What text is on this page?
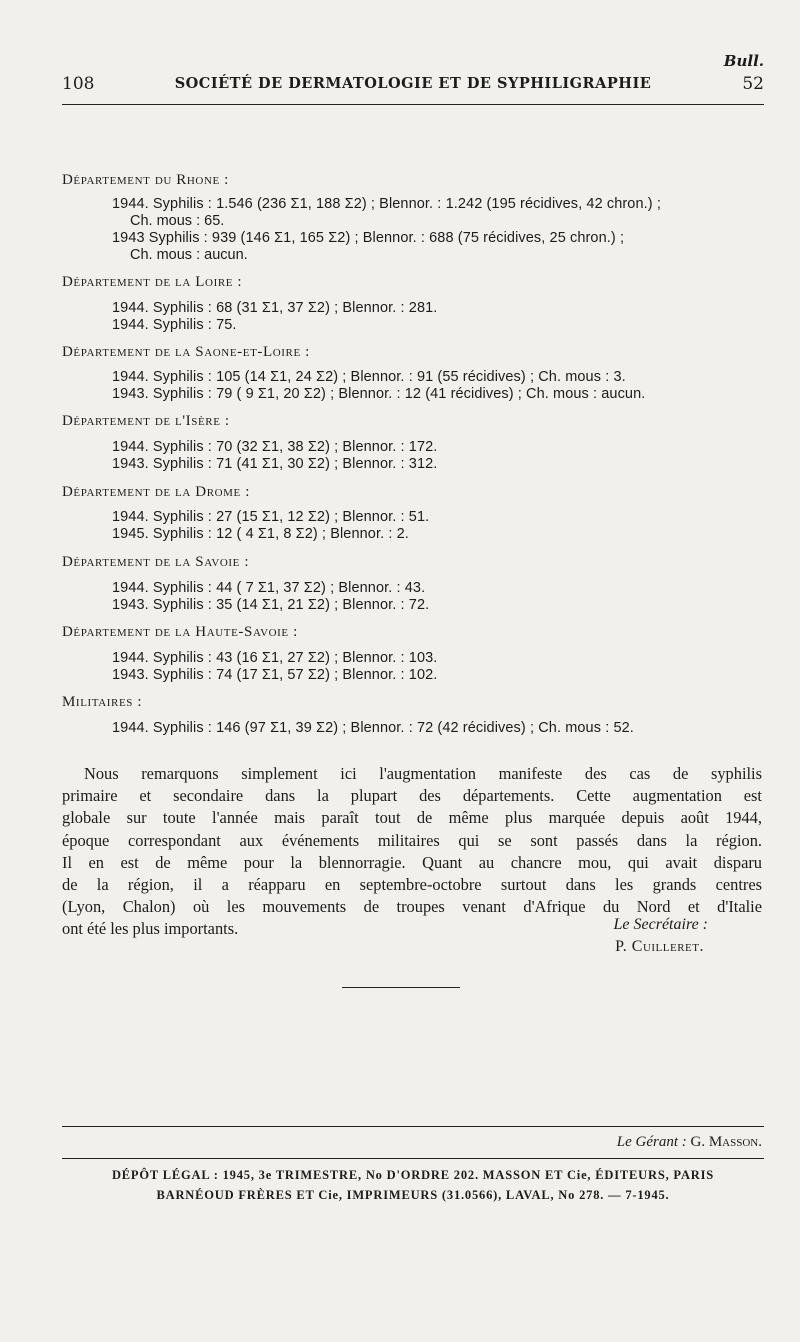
Bull.
108	SOCIÉTÉ DE DERMATOLOGIE ET DE SYPHILIGRAPHIE	52
Département du Rhone :
1944. Syphilis : 1.546 (236 Σ1, 188 Σ2) ; Blennor. : 1.242 (195 récidives, 42 chron.) ;
Ch. mous : 65.
1943 Syphilis : 939 (146 Σ1, 165 Σ2) ; Blennor. : 688 (75 récidives, 25 chron.) ;
Ch. mous : aucun.
Département de la Loire :
1944. Syphilis : 68 (31 Σ1, 37 Σ2) ; Blennor. : 281.
1944. Syphilis : 75.
Département de la Saone-et-Loire :
1944. Syphilis : 105 (14 Σ1, 24 Σ2) ; Blennor. : 91 (55 récidives) ; Ch. mous : 3.
1943. Syphilis : 79 ( 9 Σ1, 20 Σ2) ; Blennor. : 12 (41 récidives) ; Ch. mous : aucun.
Département de l'Isère :
1944. Syphilis : 70 (32 Σ1, 38 Σ2) ; Blennor. : 172.
1943. Syphilis : 71 (41 Σ1, 30 Σ2) ; Blennor. : 312.
Département de la Drome :
1944. Syphilis : 27 (15 Σ1, 12 Σ2) ; Blennor. : 51.
1945. Syphilis : 12 ( 4 Σ1, 8 Σ2) ; Blennor. : 2.
Département de la Savoie :
1944. Syphilis : 44 ( 7 Σ1, 37 Σ2) ; Blennor. : 43.
1943. Syphilis : 35 (14 Σ1, 21 Σ2) ; Blennor. : 72.
Département de la Haute-Savoie :
1944. Syphilis : 43 (16 Σ1, 27 Σ2) ; Blennor. : 103.
1943. Syphilis : 74 (17 Σ1, 57 Σ2) ; Blennor. : 102.
Militaires :
1944. Syphilis : 146 (97 Σ1, 39 Σ2) ; Blennor. : 72 (42 récidives) ; Ch. mous : 52.
Nous remarquons simplement ici l'augmentation manifeste des cas de syphilis
primaire et secondaire dans la plupart des départements. Cette augmentation est
globale sur toute l'année mais paraît tout de même plus marquée depuis août 1944,
époque correspondant aux événements militaires qui se sont passés dans la région.
Il en est de même pour la blennorragie. Quant au chancre mou, qui avait disparu
de la région, il a réapparu en septembre-octobre surtout dans les grands centres
(Lyon, Chalon) où les mouvements de troupes venant d'Afrique du Nord et d'Italie
ont été les plus importants.	Le Secrétaire :
P. Cuilleret.
Le Gérant : G. Masson.
DÉPÔT LÉGAL : 1945, 3e TRIMESTRE, No D'ORDRE 202. MASSON ET Cie, ÉDITEURS, PARIS
BARNÉOUD FRÈRES ET Cie, IMPRIMEURS (31.0566), LAVAL, No 278. — 7-1945.
